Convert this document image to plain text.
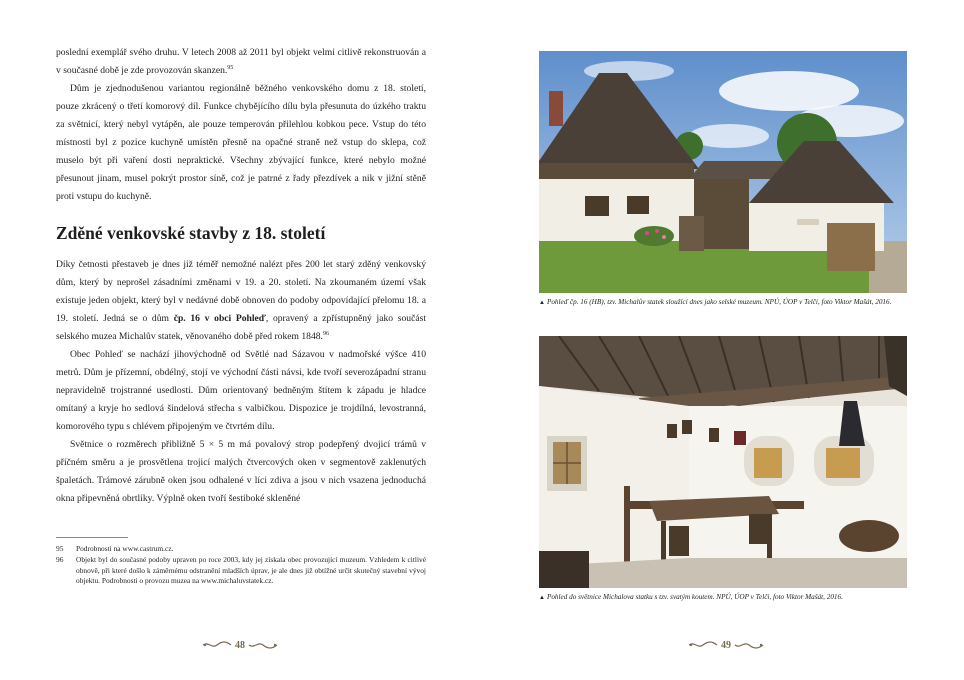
poslední exemplář svého druhu. V letech 2008 až 2011 byl objekt velmi citlivě rekonstruován a v současné době je zde provozován skanzen.$^{95}$

Dům je zjednodušenou variantou regionálně běžného venkovského domu z 18. století, pouze zkrácený o třetí komorový díl. Funkce chybějícího dílu byla přesunuta do úzkého traktu za světnicí, který nebyl vytápěn, ale pouze temperován přilehlou kobkou pece. Vstup do této místnosti byl z pozice kuchyně umístěn přesně na opačné straně než vstup do sklepa, což muselo být při vaření dosti nepraktické. Všechny zbývající funkce, které nebylo možné přesunout jinam, musel pokrýt prostor síně, což je patrné z řady přezdívek a nik v jižní stěně proti vstupu do kuchyně.

Zděné venkovské stavby z 18. století

Díky četnosti přestaveb je dnes již téměř nemožné nalézt přes 200 let starý zděný venkovský dům, který by neprošel zásadními změnami v 19. a 20. století. Na zkoumaném území však existuje jeden objekt, který byl v nedávné době obnoven do podoby odpovídající přelomu 18. a 19. století. Jedná se o dům čp. 16 v obci Pohleď, opravený a zpřístupněný jako součást selského muzea Michalův statek, věnovaného době před rokem 1848.96

Obec Pohleď se nachází jihovýchodně od Světlé nad Sázavou v nadmořské výšce 410 metrů. Dům je přízemní, obdélný, stojí ve východní části návsi, kde tvoří severozápadní stranu nepravidelně trojstranné usedlosti. Dům orientovaný bedněným štítem k západu je hladce omítaný a kryje ho sedlová šindelová střecha s valbičkou. Dispozice je trojdílná, levostranná, komorového typu s chlévem připojeným ve čtvrtém dílu.

Světnice o rozměrech přibližně 5 × 5 m má povalový strop podepřený dvojicí trámů v příčném směru a je prosvětlena trojicí malých čtvercových oken v segmentově zaklenutých špaletách. Trámové zárubně oken jsou odhalené v líci zdiva a jsou v nich vsazena jednoduchá okna připevněná obrtlíky. Výplně oken tvoří šestiboké skleněné

95	Podrobnosti na www.castrum.cz.
96	Objekt byl do současné podoby upraven po roce 2003, kdy jej získala obec provozující muzeum. Vzhledem k citlivé obnově, při které došlo k záměrnému odstranění mladších úprav, je ale dnes již obtížné určit skutečný stavební vývoj objektu. Podrobnosti o provozu muzea na www.michaluvstatek.cz.
48
▲ Pohleď čp. 16 (HB), tzv. Michalův statek sloužící dnes jako selské muzeum. NPÚ, ÚOP v Telči, foto Viktor Mašát, 2016.
▲ Pohled do světnice Michalova statku s tzv. svatým koutem. NPÚ, ÚOP v Telči, foto Viktor Mašát, 2016.
49
